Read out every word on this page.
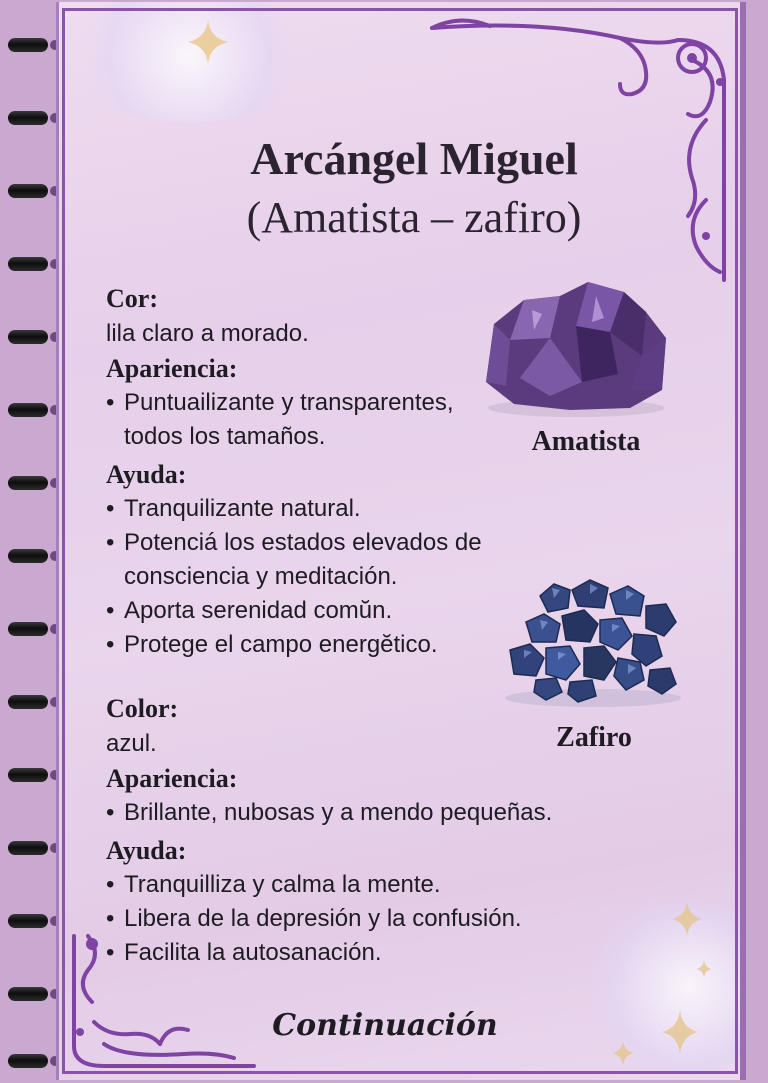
Arcángel Miguel
(Amatista – zafiro)
Amatista
Zafiro
Cor:
lila claro a morado.
Apariencia:
• Puntuailizante y transparentes, todos los tamaños.
Ayuda:
• Tranquilizante natural.
• Potenciá los estados elevados de consciencia y meditación.
• Aporta serenidad comŭn.
• Protege el campo energĕtico.
Color:
azul.
Apariencia:
• Brillante, nubosas y a mendo pequeñas.
Ayuda:
• Tranquilliza y calma la mente.
• Libera de la depresión y la confusión.
• Facilita la autosanación.
Continuación
